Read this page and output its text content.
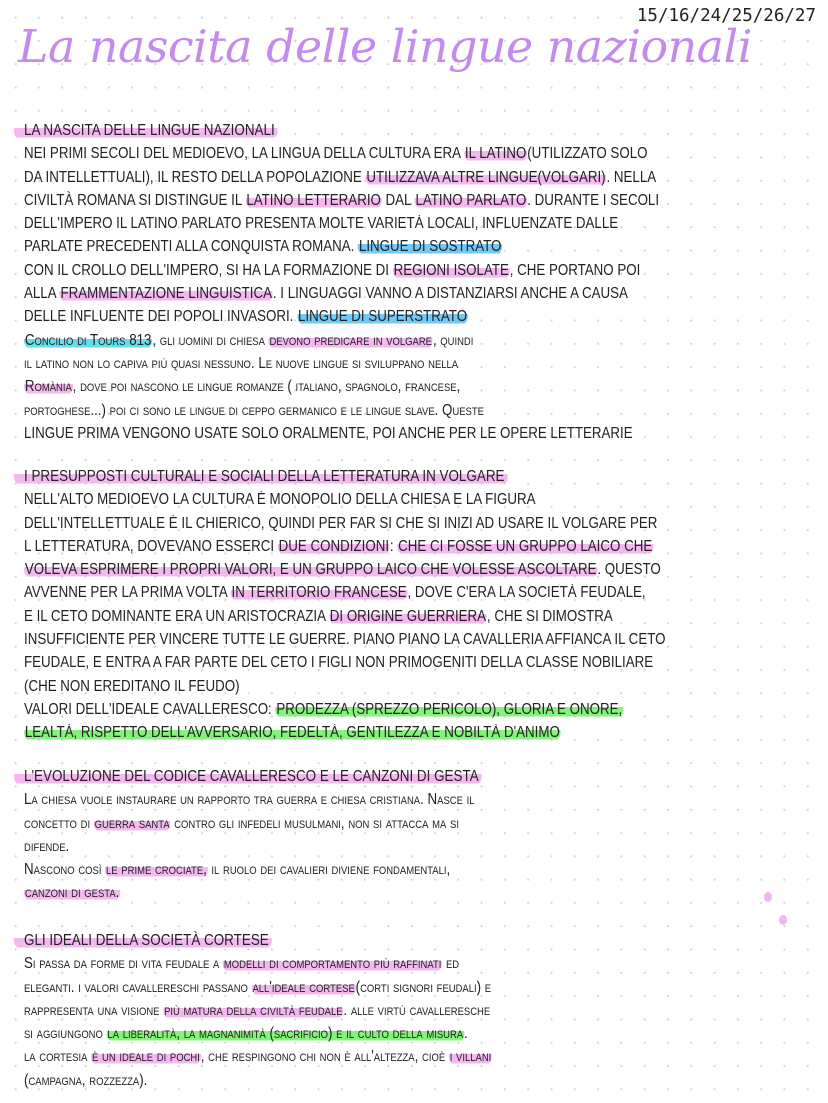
15/16/24/25/26/27
La nascita delle lingue nazionali
LA NASCITA DELLE LINGUE NAZIONALI
NEI PRIMI SECOLI DEL MEDIOEVO, LA LINGUA DELLA CULTURA ERA IL LATINO(UTILIZZATO SOLO
DA INTELLETTUALI), IL RESTO DELLA POPOLAZIONE UTILIZZAVA ALTRE LINGUE(VOLGARI). NELLA
CIVILTÀ ROMANA SI DISTINGUE IL LATINO LETTERARIO DAL LATINO PARLATO. DURANTE I SECOLI
DELL'IMPERO IL LATINO PARLATO PRESENTA MOLTE VARIETÀ LOCALI, INFLUENZATE DALLE
PARLATE PRECEDENTI ALLA CONQUISTA ROMANA. LINGUE DI SOSTRATO
CON IL CROLLO DELL'IMPERO, SI HA LA FORMAZIONE DI REGIONI ISOLATE, CHE PORTANO POI
ALLA FRAMMENTAZIONE LINGUISTICA. I LINGUAGGI VANNO A DISTANZIARSI ANCHE A CAUSA
DELLE INFLUENTE DEI POPOLI INVASORI. LINGUE DI SUPERSTRATO
Concilio di Tours 813, gli uomini di chiesa devono predicare in volgare, quindi
il latino non lo capiva più quasi nessuno. Le nuove lingue si sviluppano nella
Romània, dove poi nascono le lingue romanze ( italiano, spagnolo, francese,
portoghese...) poi ci sono le lingue di ceppo germanico e le lingue slave. Queste
LINGUE PRIMA VENGONO USATE SOLO ORALMENTE, POI ANCHE PER LE OPERE LETTERARIE
I PRESUPPOSTI CULTURALI E SOCIALI DELLA LETTERATURA IN VOLGARE
NELL'ALTO MEDIOEVO LA CULTURA È MONOPOLIO DELLA CHIESA E LA FIGURA
DELL'INTELLETTUALE È IL CHIERICO, QUINDI PER FAR SI CHE SI INIZI AD USARE IL VOLGARE PER
L LETTERATURA, DOVEVANO ESSERCI DUE CONDIZIONI: CHE CI FOSSE UN GRUPPO LAICO CHE
VOLEVA ESPRIMERE I PROPRI VALORI, E UN GRUPPO LAICO CHE VOLESSE ASCOLTARE. QUESTO
AVVENNE PER LA PRIMA VOLTA IN TERRITORIO FRANCESE, DOVE C'ERA LA SOCIETÀ FEUDALE,
E IL CETO DOMINANTE ERA UN ARISTOCRAZIA DI ORIGINE GUERRIERA, CHE SI DIMOSTRA
INSUFFICIENTE PER VINCERE TUTTE LE GUERRE. PIANO PIANO LA CAVALLERIA AFFIANCA IL CETO
FEUDALE, E ENTRA A FAR PARTE DEL CETO I FIGLI NON PRIMOGENITI DELLA CLASSE NOBILIARE
(CHE NON EREDITANO IL FEUDO)
VALORI DELL'IDEALE CAVALLERESCO: PRODEZZA (SPREZZO PERICOLO), GLORIA E ONORE,
LEALTÀ, RISPETTO DELL'AVVERSARIO, FEDELTÀ, GENTILEZZA E NOBILTÀ D'ANIMO
L'EVOLUZIONE DEL CODICE CAVALLERESCO E LE CANZONI DI GESTA
La chiesa vuole instaurare un rapporto tra guerra e chiesa cristiana. Nasce il
concetto di guerra santa contro gli infedeli musulmani, non si attacca ma si
difende.
Nascono così le prime crociate, il ruolo dei cavalieri diviene fondamentali,
canzoni di gesta.
GLI IDEALI DELLA SOCIETÀ CORTESE
Si passa da forme di vita feudale a modelli di comportamento più raffinati ed
eleganti. i valori cavallereschi passano all'ideale cortese(corti signori feudali) e
rappresenta una visione più matura della civiltà feudale. alle virtù cavalleresche
si aggiungono la liberalità, la magnanimità (sacrificio) e il culto della misura.
la cortesia è un ideale di pochi, che respingono chi non è all'altezza, cioè i villani
(campagna, rozzezza).
